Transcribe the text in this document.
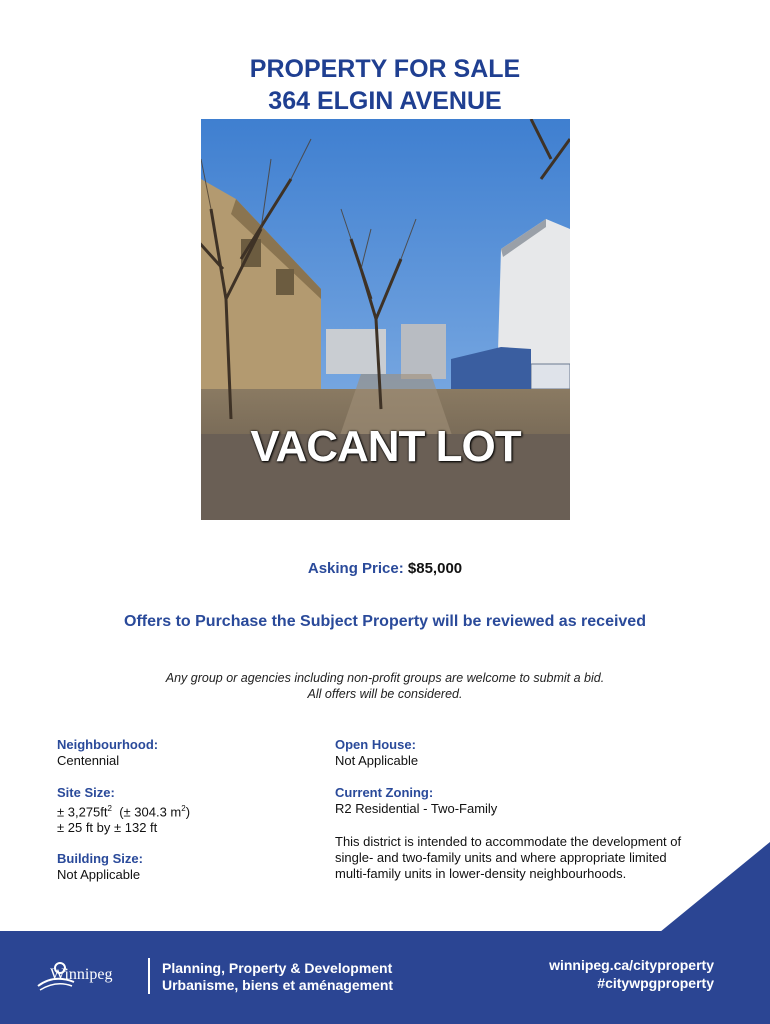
PROPERTY FOR SALE
364 ELGIN AVENUE
VACANT LOT
Asking Price: $85,000
Offers to Purchase the Subject Property will be reviewed as received
Any group or agencies including non-profit groups are welcome to submit a bid.
All offers will be considered.
Neighbourhood:
Centennial
Site Size:
± $3,275ft^2$  (± 304.3 $m^2$)
± 25 ft by ± 132 ft
Building Size:
Not Applicable
Open House:
Not Applicable
Current Zoning:
R2 Residential - Two-Family
This district is intended to accommodate the development of
single- and two-family units and where appropriate limited
multi-family units in lower-density neighbourhoods.
Winnipeg	Planning, Property & Development
Urbanisme, biens et aménagement
winnipeg.ca/cityproperty
#citywpgproperty
